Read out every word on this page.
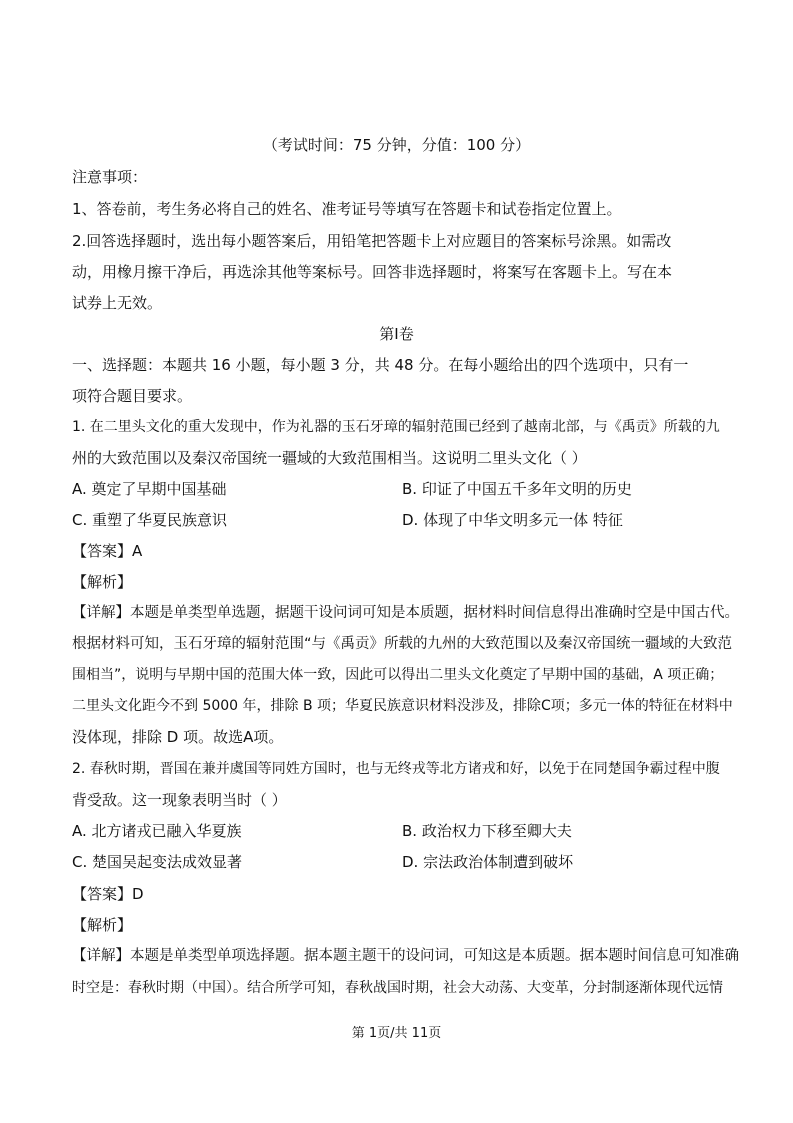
（考试时间：75 分钟，分值：100 分）
注意事项：
1、答卷前，考生务必将自己的姓名、准考证号等填写在答题卡和试卷指定位置上。
2.回答选择题时，选出每小题答案后，用铅笔把答题卡上对应题目的答案标号涂黑。如需改
动，用橡月擦干净后，再选涂其他等案标号。回答非选择题时，将案写在客题卡上。写在本
试券上无效。
第Ⅰ卷
一、选择题：本题共 16 小题，每小题 3 分，共 48 分。在每小题给出的四个选项中，只有一
项符合题目要求。
1. 在二里头文化的重大发现中，作为礼器的玉石牙璋的辐射范围已经到了越南北部，与《禹贡》所载的九
州的大致范围以及秦汉帝国统一疆域的大致范围相当。这说明二里头文化（ ）
A. 奠定了早期中国基础	B. 印证了中国五千多年文明的历史
C. 重塑了华夏民族意识	D. 体现了中华文明多元一体 特征
【答案】A
【解析】
【详解】本题是单类型单选题，据题干设问词可知是本质题，据材料时间信息得出准确时空是中国古代。
根据材料可知，玉石牙璋的辐射范围“与《禹贡》所载的九州的大致范围以及秦汉帝国统一疆域的大致范
围相当”，说明与早期中国的范围大体一致，因此可以得出二里头文化奠定了早期中国的基础，A 项正确；
二里头文化距今不到 5000 年，排除 B 项；华夏民族意识材料没涉及，排除C项；多元一体的特征在材料中
没体现，排除 D 项。故选A项。
2. 春秋时期，晋国在兼并虞国等同姓方国时，也与无终戎等北方诸戎和好，以免于在同楚国争霸过程中腹
背受敌。这一现象表明当时（ ）
A. 北方诸戎已融入华夏族	B. 政治权力下移至卿大夫
C. 楚国吴起变法成效显著	D. 宗法政治体制遭到破坏
【答案】D
【解析】
【详解】本题是单类型单项选择题。据本题主题干的设问词，可知这是本质题。据本题时间信息可知准确
时空是：春秋时期（中国）。结合所学可知，春秋战国时期，社会大动荡、大变革，分封制逐渐体现代远情
第 1页/共 11页
